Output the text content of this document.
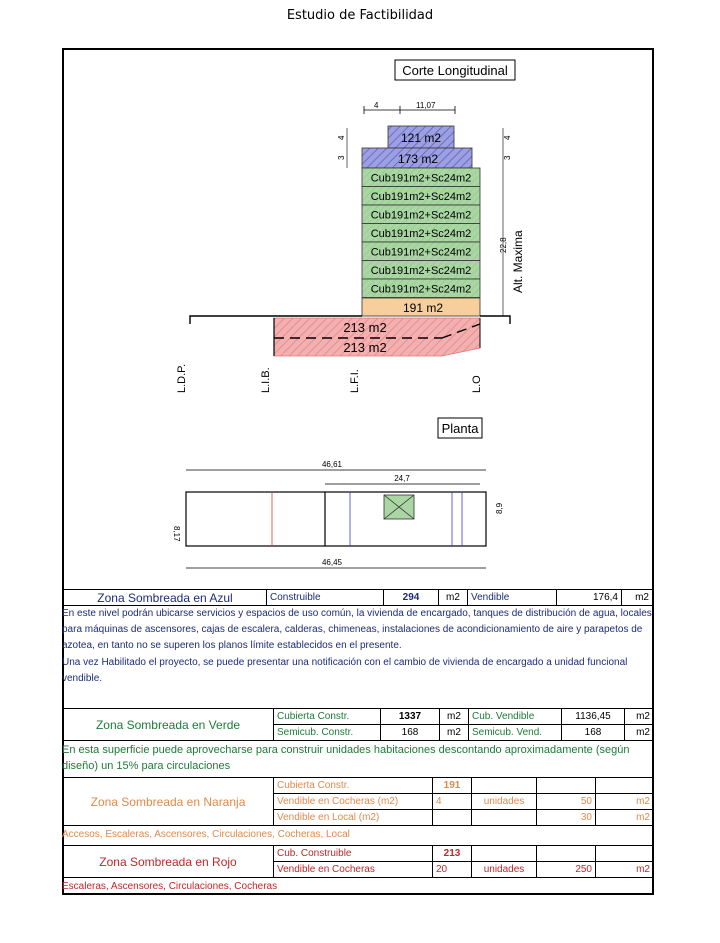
Estudio de Factibilidad
Corte Longitudinal
4	11,07
4
3
4
3
121 m2
173 m2
Cub191m2+Sc24m2
Cub191m2+Sc24m2
Cub191m2+Sc24m2
Cub191m2+Sc24m2
Cub191m2+Sc24m2
Cub191m2+Sc24m2
Cub191m2+Sc24m2
191 m2
22,8 Alt. Maxima
213 m2
213 m2
L.D.P.	L.I.B.	L.F.I.	L.O
Planta
46,61
24,7
8,17
8,9
46,45
Zona Sombreada en Azul	Construible	294	m2	Vendible	176,4	m2
En este nivel podrán ubicarse servicios y espacios de uso común, la vivienda de encargado, tanques de distribución de agua, locales para máquinas de ascensores, cajas de escalera, calderas, chimeneas, instalaciones de acondicionamiento de aire y parapetos de azotea, en tanto no se superen los planos límite establecidos en el presente.
Una vez Habilitado el proyecto, se puede presentar una notificación con el cambio de vivienda de encargado a unidad funcional vendible.
Zona Sombreada en Verde	Cubierta Constr.	1337	m2	Cub. Vendible	1136,45	m2
	Semicub. Constr.	168	m2	Semicub. Vend.	168	m2
En esta superficie puede aprovecharse para construir unidades habitaciones descontando aproximadamente (según diseño) un 15% para circulaciones
Zona Sombreada en Naranja	Cubierta Constr.	191			
	Vendible en Cocheras (m2)	4	unidades	50	m2
	Vendible en Local (m2)			30	m2
Accesos, Escaleras, Ascensores, Circulaciones, Cocheras, Local
Zona Sombreada en Rojo	Cub. Construible	213			
	Vendible en Cocheras	20	unidades	250	m2
Escaleras, Ascensores, Circulaciones, Cocheras
